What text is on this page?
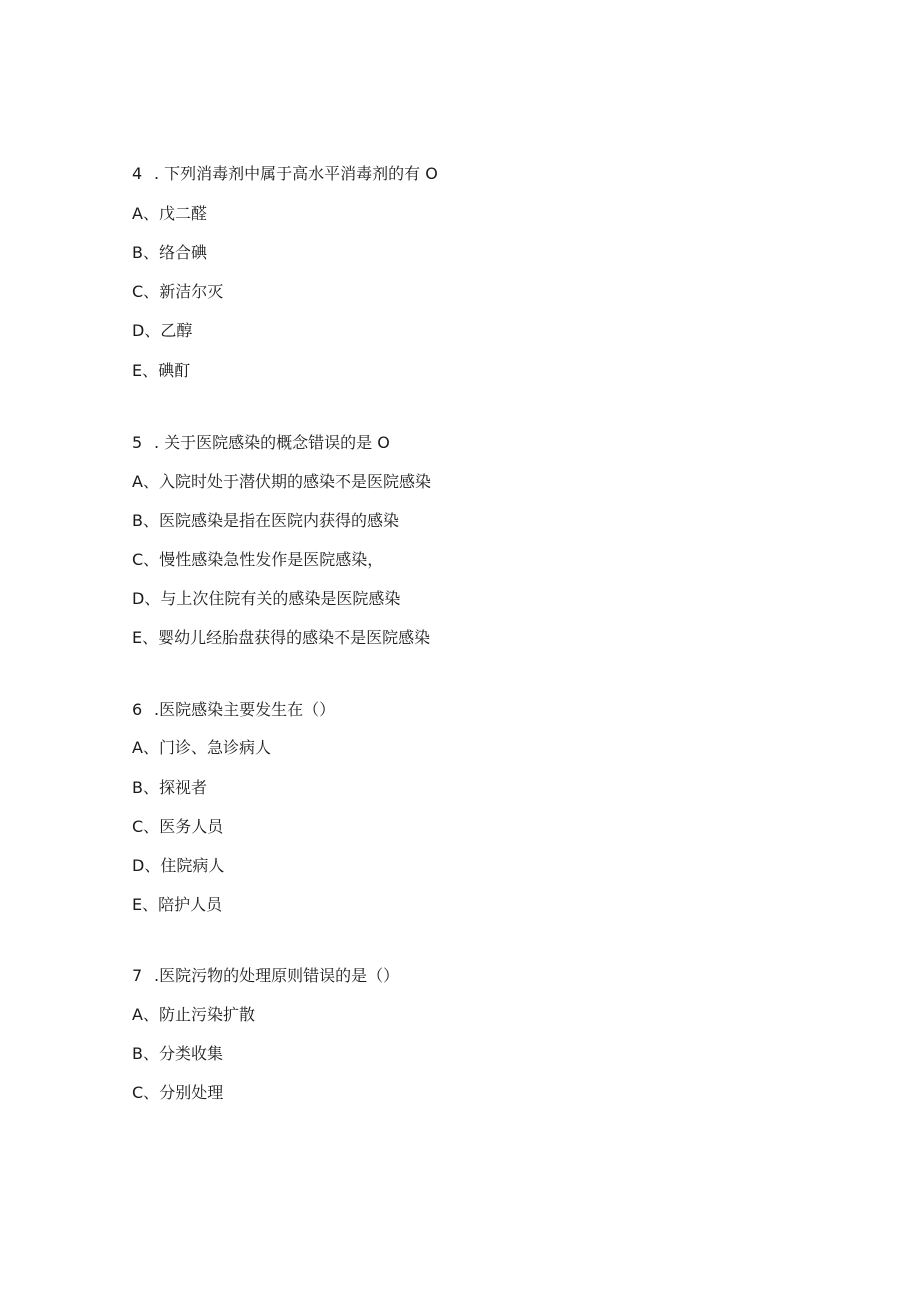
4 . 下列消毒剂中属于高水平消毒剂的有 O
A、戊二醛
B、络合碘
C、新洁尔灭
D、乙醇
E、碘酊
5 . 关于医院感染的概念错误的是 O
A、入院时处于潜伏期的感染不是医院感染
B、医院感染是指在医院内获得的感染
C、慢性感染急性发作是医院感染，
D、与上次住院有关的感染是医院感染
E、婴幼儿经胎盘获得的感染不是医院感染
6 .医院感染主要发生在（）
A、门诊、急诊病人
B、探视者
C、医务人员
D、住院病人
E、陪护人员
7 .医院污物的处理原则错误的是（）
A、防止污染扩散
B、分类收集
C、分别处理
